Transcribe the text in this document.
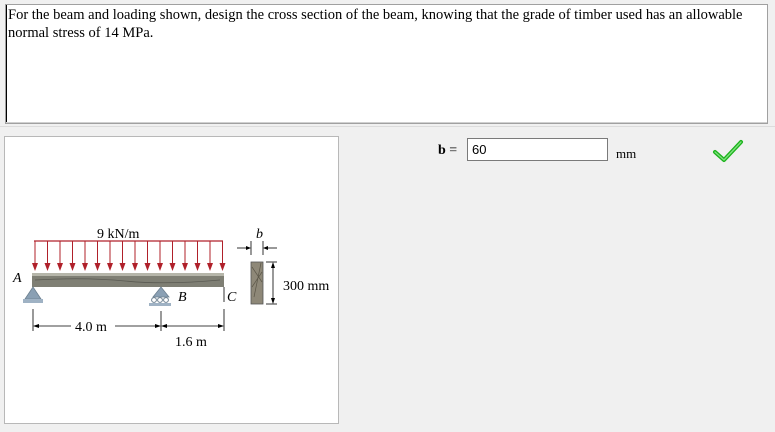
For the beam and loading shown, design the cross section of the beam, knowing that the grade of timber used has an allowable normal stress of 14 MPa.
9 kN/m
A
B	C
b
300 mm
4.0 m
1.6 m
b =
60	mm
